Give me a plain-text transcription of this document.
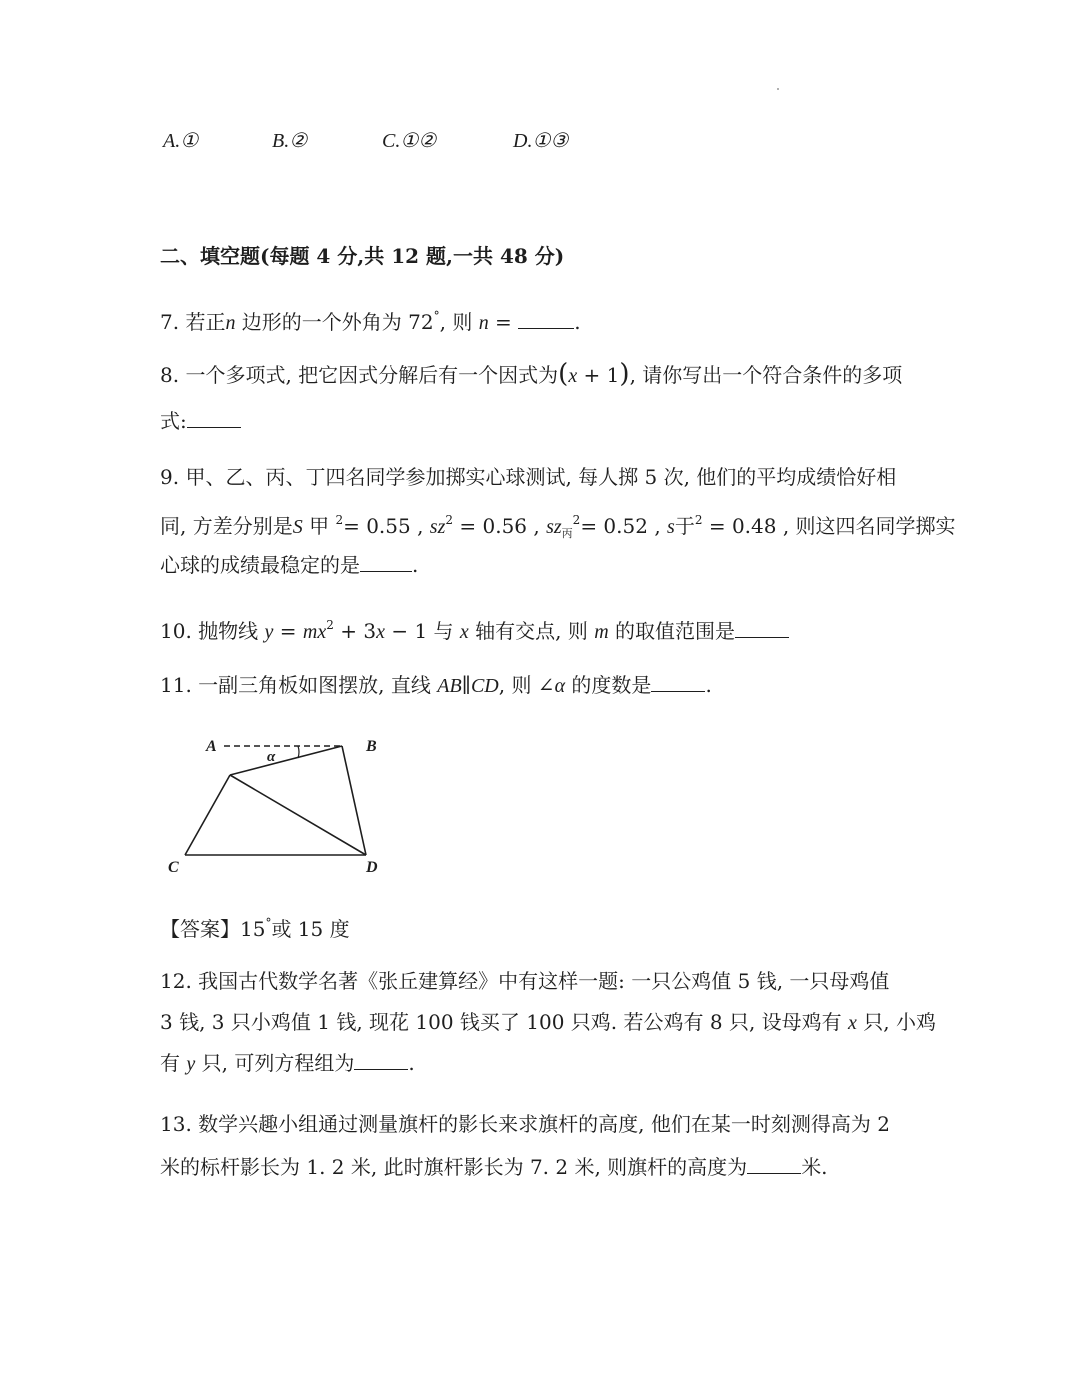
A.①	B.②	C.①②	D.①③
二、填空题(每题 4 分,共 12 题,一共 48 分)
7. 若正n 边形的一个外角为 72°, 则 n =	.
8. 一个多项式, 把它因式分解后有一个因式为(x + 1), 请你写出一个符合条件的多项
式:
9. 甲、乙、丙、丁四名同学参加掷实心球测试, 每人掷 5 次, 他们的平均成绩恰好相
同, 方差分别是S 甲 $^2$= 0.55 , $sz^2 = 0.56$ , $sz_丙^2= 0.52$ , s于$^2$ = 0.48 , 则这四名同学掷实
心球的成绩最稳定的是	.
10. 抛物线 $y = mx^2 + 3x - 1$ 与 x 轴有交点, 则 m 的取值范围是
11. 一副三角板如图摆放, 直线 AB∥CD, 则 ∠α 的度数是	.
A	B
C	D
α
【答案】15°或 15 度
12. 我国古代数学名著《张丘建算经》中有这样一题: 一只公鸡值 5 钱, 一只母鸡值
3 钱, 3 只小鸡值 1 钱, 现花 100 钱买了 100 只鸡. 若公鸡有 8 只, 设母鸡有 x 只, 小鸡
有 y 只, 可列方程组为	.
13. 数学兴趣小组通过测量旗杆的影长来求旗杆的高度, 他们在某一时刻测得高为 2
米的标杆影长为 1. 2 米, 此时旗杆影长为 7. 2 米, 则旗杆的高度为	米.
